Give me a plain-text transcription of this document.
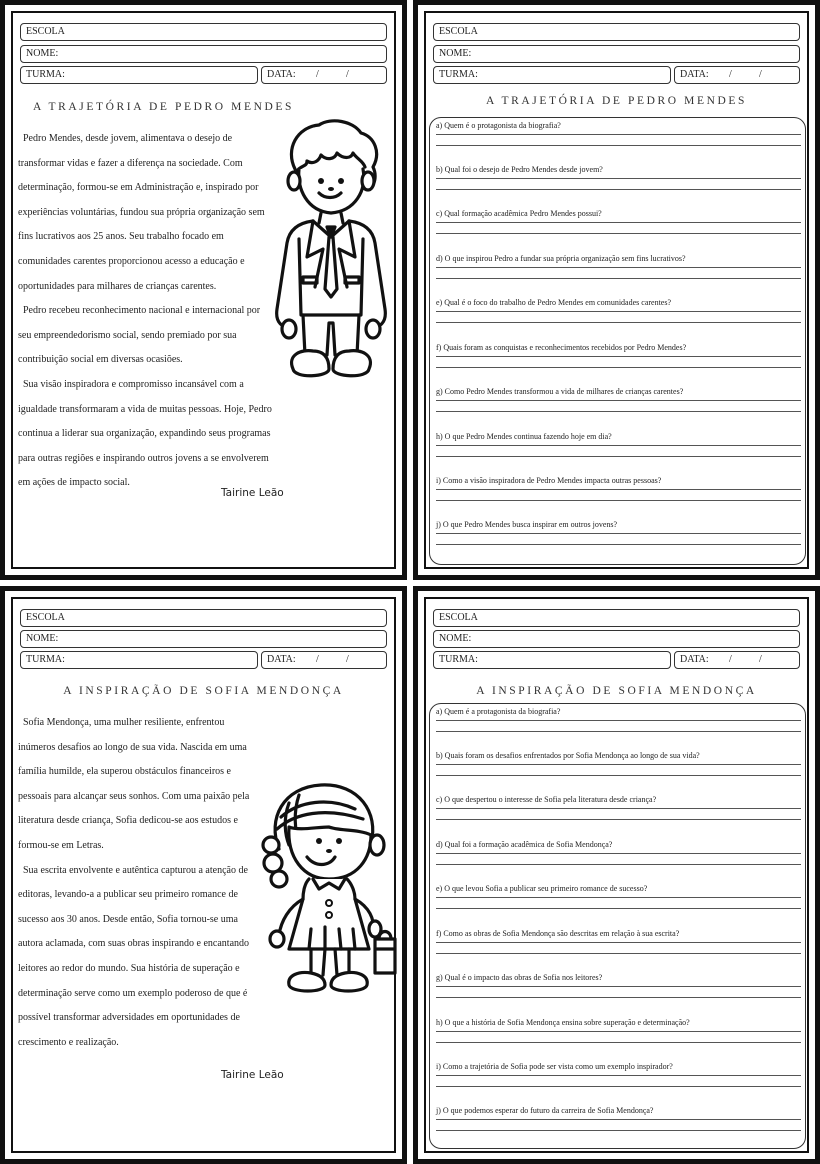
ESCOLA
NOME:
TURMA:	DATA: /	/
A TRAJETÓRIA DE PEDRO MENDES

Pedro Mendes, desde jovem, alimentava o desejo de

transformar vidas e fazer a diferença na sociedade. Com

determinação, formou-se em Administração e, inspirado por

experiências voluntárias, fundou sua própria organização sem

fins lucrativos aos 25 anos. Seu trabalho focado em

comunidades carentes proporcionou acesso a educação e

oportunidades para milhares de crianças carentes.

Pedro recebeu reconhecimento nacional e internacional por

seu empreendedorismo social, sendo premiado por sua

contribuição social em diversas ocasiões.

Sua visão inspiradora e compromisso incansável com a

igualdade transformaram a vida de muitas pessoas. Hoje, Pedro

continua a liderar sua organização, expandindo seus programas

para outras regiões e inspirando outros jovens a se envolverem

em ações de impacto social.

Tairine Leão
ESCOLA
NOME:
TURMA:	DATA: /	/
A TRAJETÓRIA DE PEDRO MENDES
a) Quem é o protagonista da biografia?
b) Qual foi o desejo de Pedro Mendes desde jovem?
c) Qual formação acadêmica Pedro Mendes possui?
d) O que inspirou Pedro a fundar sua própria organização sem fins lucrativos?
e) Qual é o foco do trabalho de Pedro Mendes em comunidades carentes?
f) Quais foram as conquistas e reconhecimentos recebidos por Pedro Mendes?
g) Como Pedro Mendes transformou a vida de milhares de crianças carentes?
h) O que Pedro Mendes continua fazendo hoje em dia?
i) Como a visão inspiradora de Pedro Mendes impacta outras pessoas?
j) O que Pedro Mendes busca inspirar em outros jovens?
ESCOLA
NOME:
TURMA:	DATA: /	/
A INSPIRAÇÃO DE SOFIA MENDONÇA

Sofia Mendonça, uma mulher resiliente, enfrentou

inúmeros desafios ao longo de sua vida. Nascida em uma

família humilde, ela superou obstáculos financeiros e

pessoais para alcançar seus sonhos. Com uma paixão pela

literatura desde criança, Sofia dedicou-se aos estudos e

formou-se em Letras.

Sua escrita envolvente e autêntica capturou a atenção de

editoras, levando-a a publicar seu primeiro romance de

sucesso aos 30 anos. Desde então, Sofia tornou-se uma

autora aclamada, com suas obras inspirando e encantando

leitores ao redor do mundo. Sua história de superação e

determinação serve como um exemplo poderoso de que é

possível transformar adversidades em oportunidades de

crescimento e realização.

Tairine Leão
ESCOLA
NOME:
TURMA:	DATA: /	/
A INSPIRAÇÃO DE SOFIA MENDONÇA
a) Quem é a protagonista da biografia?
b) Quais foram os desafios enfrentados por Sofia Mendonça ao longo de sua vida?
c) O que despertou o interesse de Sofia pela literatura desde criança?
d) Qual foi a formação acadêmica de Sofia Mendonça?
e) O que levou Sofia a publicar seu primeiro romance de sucesso?
f) Como as obras de Sofia Mendonça são descritas em relação à sua escrita?
g) Qual é o impacto das obras de Sofia nos leitores?
h) O que a história de Sofia Mendonça ensina sobre superação e determinação?
i) Como a trajetória de Sofia pode ser vista como um exemplo inspirador?
j) O que podemos esperar do futuro da carreira de Sofia Mendonça?
